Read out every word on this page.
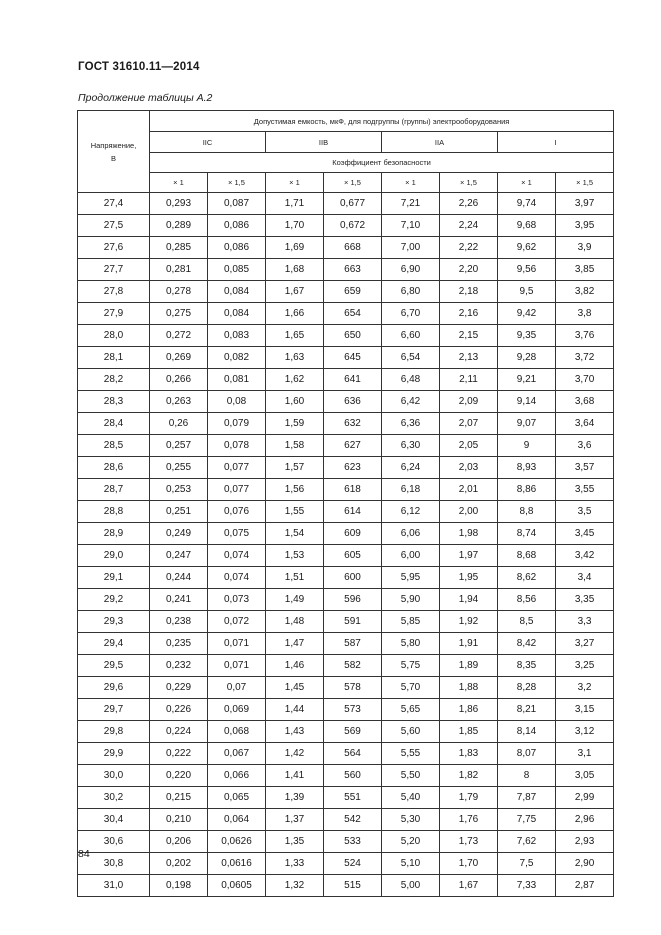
ГОСТ 31610.11—2014
Продолжение таблицы А.2
Напряжение,
В	Допустимая емкость, мкФ, для подгруппы (группы) электрооборудования							
	IIC		IIB		IIA		I	
	Коэффициент безопасности							
	× 1	× 1,5	× 1	× 1,5	× 1	× 1,5	× 1	× 1,5
27,4	0,293	0,087	1,71	0,677	7,21	2,26	9,74	3,97
27,5	0,289	0,086	1,70	0,672	7,10	2,24	9,68	3,95
27,6	0,285	0,086	1,69	668	7,00	2,22	9,62	3,9
27,7	0,281	0,085	1,68	663	6,90	2,20	9,56	3,85
27,8	0,278	0,084	1,67	659	6,80	2,18	9,5	3,82
27,9	0,275	0,084	1,66	654	6,70	2,16	9,42	3,8
28,0	0,272	0,083	1,65	650	6,60	2,15	9,35	3,76
28,1	0,269	0,082	1,63	645	6,54	2,13	9,28	3,72
28,2	0,266	0,081	1,62	641	6,48	2,11	9,21	3,70
28,3	0,263	0,08	1,60	636	6,42	2,09	9,14	3,68
28,4	0,26	0,079	1,59	632	6,36	2,07	9,07	3,64
28,5	0,257	0,078	1,58	627	6,30	2,05	9	3,6
28,6	0,255	0,077	1,57	623	6,24	2,03	8,93	3,57
28,7	0,253	0,077	1,56	618	6,18	2,01	8,86	3,55
28,8	0,251	0,076	1,55	614	6,12	2,00	8,8	3,5
28,9	0,249	0,075	1,54	609	6,06	1,98	8,74	3,45
29,0	0,247	0,074	1,53	605	6,00	1,97	8,68	3,42
29,1	0,244	0,074	1,51	600	5,95	1,95	8,62	3,4
29,2	0,241	0,073	1,49	596	5,90	1,94	8,56	3,35
29,3	0,238	0,072	1,48	591	5,85	1,92	8,5	3,3
29,4	0,235	0,071	1,47	587	5,80	1,91	8,42	3,27
29,5	0,232	0,071	1,46	582	5,75	1,89	8,35	3,25
29,6	0,229	0,07	1,45	578	5,70	1,88	8,28	3,2
29,7	0,226	0,069	1,44	573	5,65	1,86	8,21	3,15
29,8	0,224	0,068	1,43	569	5,60	1,85	8,14	3,12
29,9	0,222	0,067	1,42	564	5,55	1,83	8,07	3,1
30,0	0,220	0,066	1,41	560	5,50	1,82	8	3,05
30,2	0,215	0,065	1,39	551	5,40	1,79	7,87	2,99
30,4	0,210	0,064	1,37	542	5,30	1,76	7,75	2,96
30,6	0,206	0,0626	1,35	533	5,20	1,73	7,62	2,93
30,8	0,202	0,0616	1,33	524	5,10	1,70	7,5	2,90
31,0	0,198	0,0605	1,32	515	5,00	1,67	7,33	2,87
84
